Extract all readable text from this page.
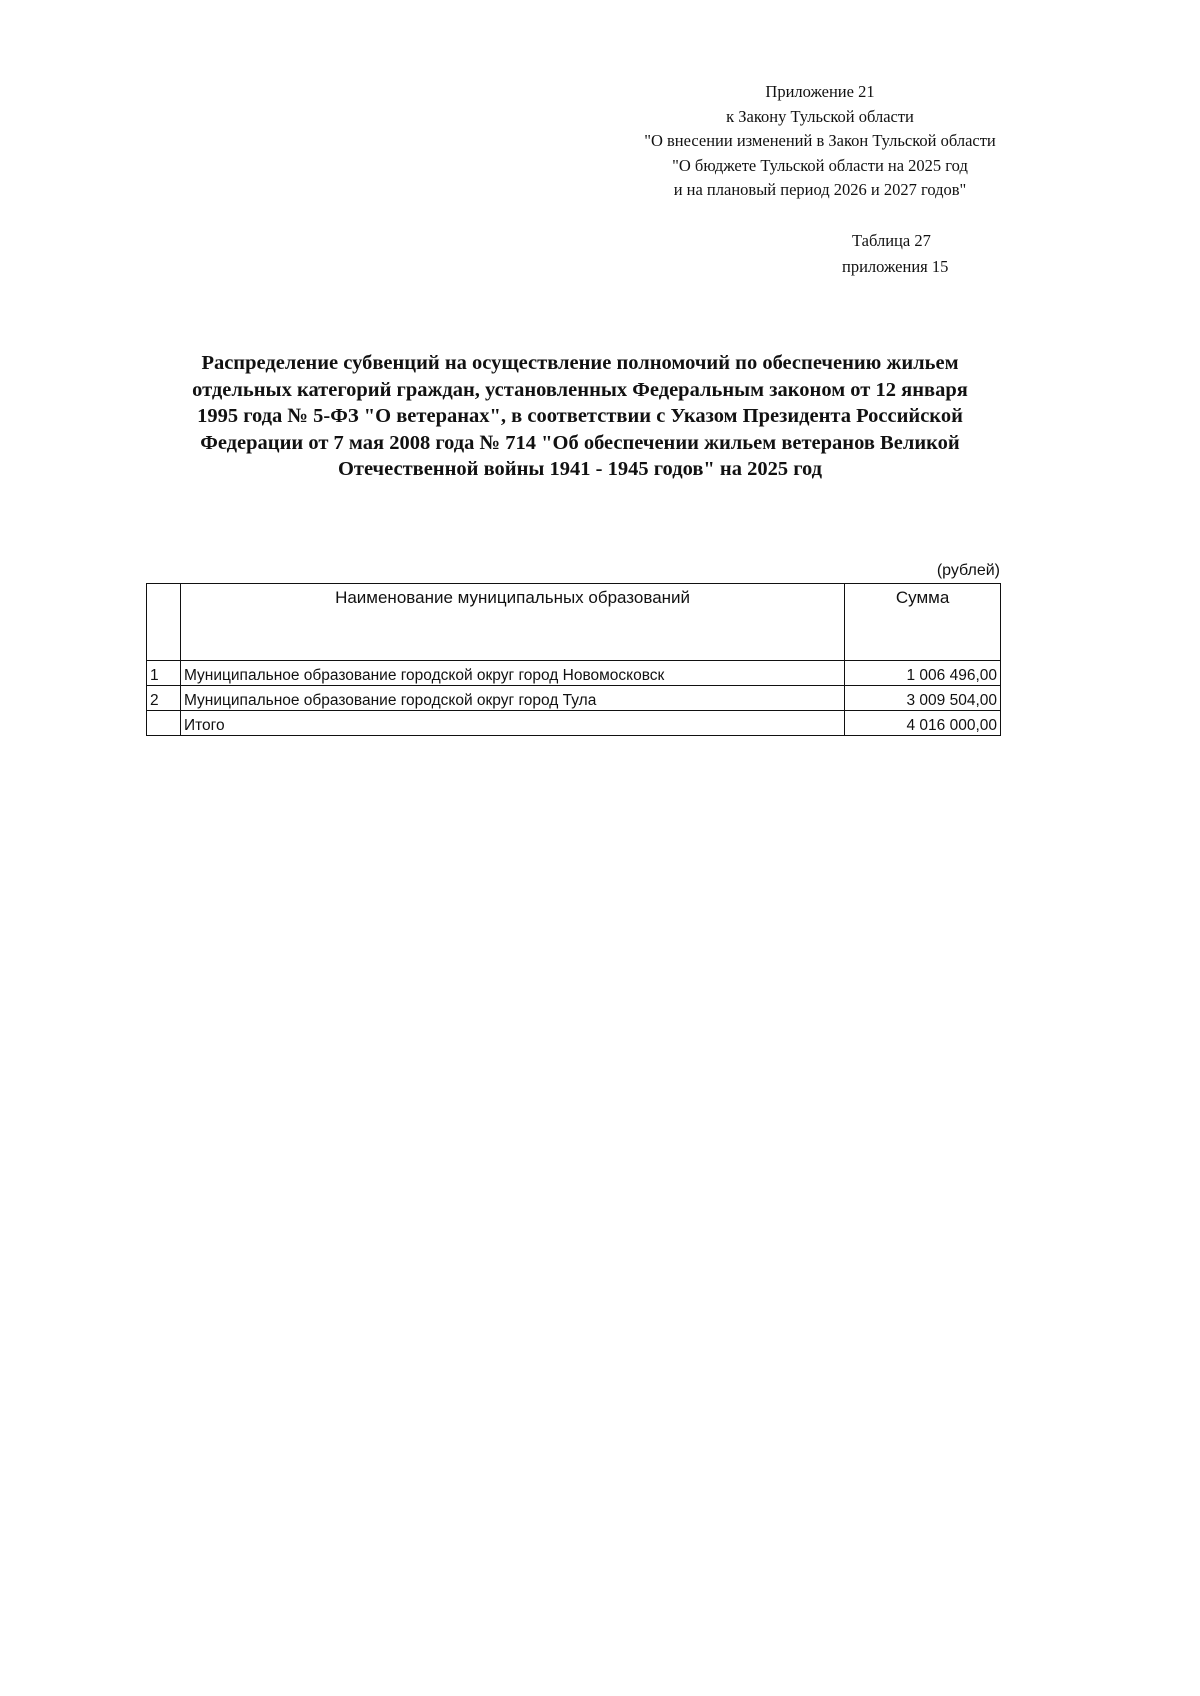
Приложение 21
к Закону Тульской области
"О внесении изменений в Закон Тульской области
"О бюджете Тульской области на 2025 год
и на плановый период 2026 и 2027 годов"
Таблица 27
приложения 15
Распределение субвенций на осуществление полномочий по обеспечению жильем
отдельных категорий граждан, установленных Федеральным законом от 12 января
1995 года № 5-ФЗ "О ветеранах", в соответствии с Указом Президента Российской
Федерации от 7 мая 2008 года № 714 "Об обеспечении жильем ветеранов Великой
Отечественной войны 1941 - 1945 годов" на 2025 год
(рублей)
	Наименование муниципальных образований	Сумма
1	Муниципальное образование городской округ город Новомосковск	1 006 496,00
2	Муниципальное образование городской округ город Тула	3 009 504,00
	Итого	4 016 000,00
